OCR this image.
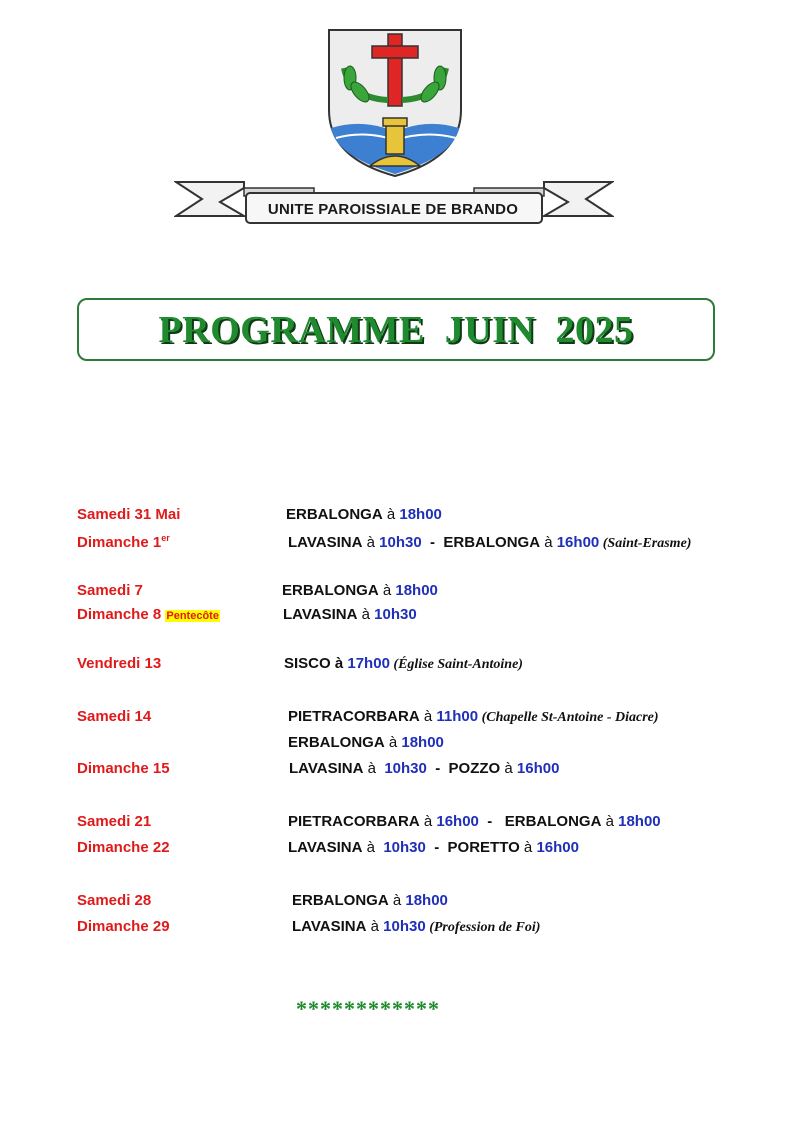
UNITE PAROISSIALE DE BRANDO
PROGRAMME JUIN 2025
Samedi 31 Mai	ERBALONGA à 18h00
Dimanche 1er	LAVASINA à 10h30  -  ERBALONGA à 16h00 (Saint-Erasme)
Samedi 7	ERBALONGA à 18h00
Dimanche 8 Pentecôte	LAVASINA à 10h30
Vendredi 13	SISCO à 17h00 (Église Saint-Antoine)
Samedi 14	PIETRACORBARA à 11h00 (Chapelle St-Antoine - Diacre)
ERBALONGA à 18h00
Dimanche 15	LAVASINA à  10h30  -  POZZO à 16h00
Samedi 21	PIETRACORBARA à 16h00  -   ERBALONGA à 18h00
Dimanche 22	LAVASINA à  10h30  -  PORETTO à 16h00
Samedi 28	ERBALONGA à 18h00
Dimanche 29	LAVASINA à 10h30 (Profession de Foi)
************
